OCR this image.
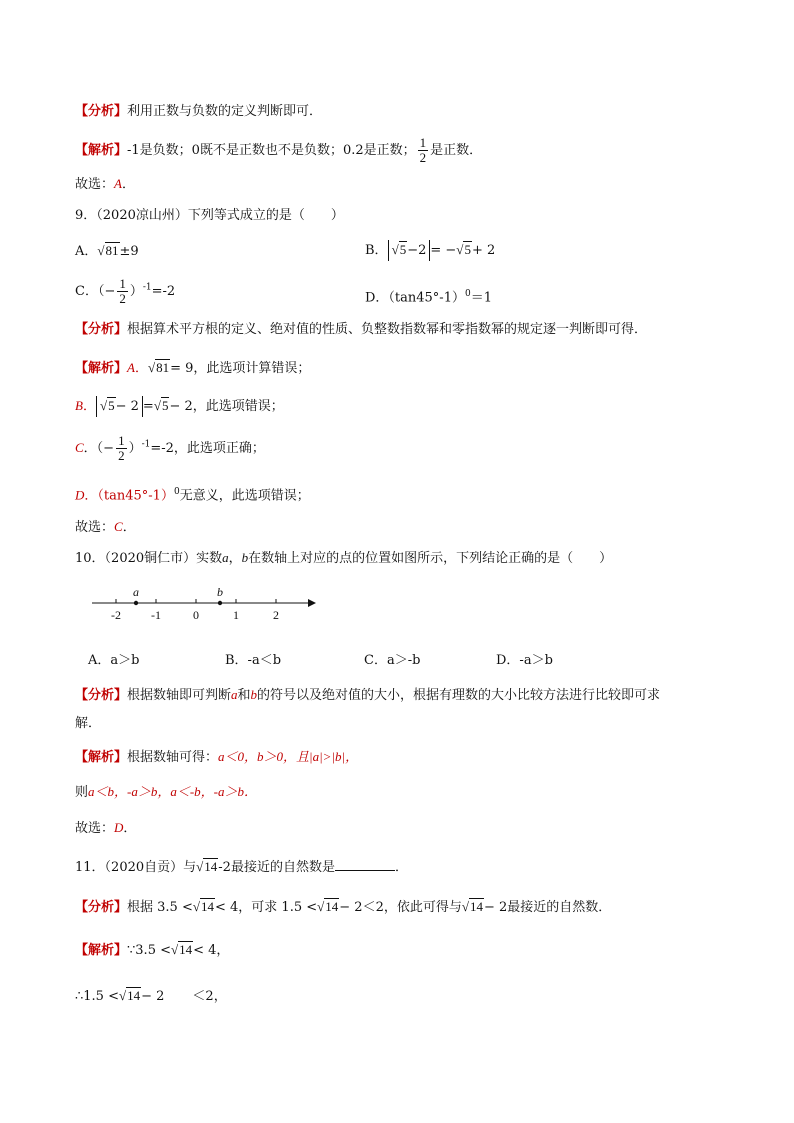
【分析】利用正数与负数的定义判断即可．
【解析】-1是负数；0既不是正数也不是负数；0.2是正数； $\frac{1}{2}$ 是正数．
故选：A．
9．（2020凉山州）下列等式成立的是（　　）
A．√81±9	B． √5−2 = −√5+ 2
C．（− $\frac{1}{2} )^{-1}=-2$	D．$(\tan 45^\circ-1)^0=1$
【分析】根据算术平方根的定义、绝对值的性质、负整数指数幂和零指数幂的规定逐一判断即可得．
【解析】A．√81= 9，此选项计算错误；
B． √5− 2 =√5− 2，此选项错误；
C．（− $\frac{1}{2} )^{-1}=-2$，此选项正确；
D．$(\tan 45^\circ-1)^0$无意义，此选项错误；
故选：C．
10．（2020铜仁市）实数a，b在数轴上对应的点的位置如图所示，下列结论正确的是（　　）
-2	-1	0	1	2
a	b
A．a＞b	B．-a＜b	C．a＞-b	D．-a＞b
【分析】根据数轴即可判断a和b的符号以及绝对值的大小，根据有理数的大小比较方法进行比较即可求
解．
【解析】根据数轴可得：a＜0，b＞0，且|a|>|b|，
则a＜b，-a＞b，a＜-b，-a＞b．
故选：D．
11．（2020自贡）与√14-2最接近的自然数是	．
【分析】根据 3.5 <√14< 4，可求 1.5 <√14− 2＜2，依此可得与√14− 2最接近的自然数．
【解析】∵3.5 <√14< 4，
∴1.5 <√14− 2 ＜2，
